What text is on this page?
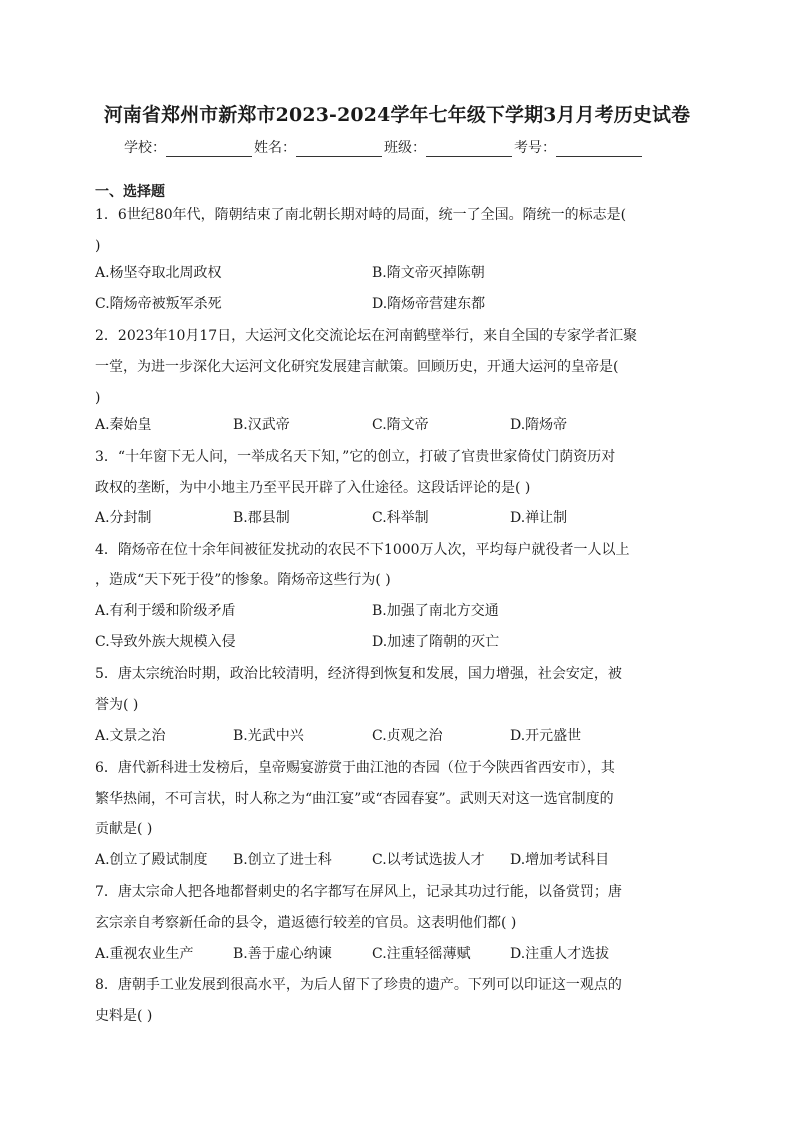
河南省郑州市新郑市2023-2024学年七年级下学期3月月考历史试卷
学校：	姓名：	班级：	考号：
一、选择题
1．6世纪80年代，隋朝结束了南北朝长期对峙的局面，统一了全国。隋统一的标志是(
)
A.杨坚夺取北周政权	B.隋文帝灭掉陈朝
C.隋炀帝被叛军杀死	D.隋炀帝营建东都
2．2023年10月17日，大运河文化交流论坛在河南鹤壁举行，来自全国的专家学者汇聚
一堂，为进一步深化大运河文化研究发展建言献策。回顾历史，开通大运河的皇帝是(
)
A.秦始皇	B.汉武帝	C.隋文帝	D.隋炀帝
3．“十年窗下无人问，一举成名天下知，”它的创立，打破了官贵世家倚仗门荫资历对
政权的垄断，为中小地主乃至平民开辟了入仕途径。这段话评论的是( )
A.分封制	B.郡县制	C.科举制	D.禅让制
4．隋炀帝在位十余年间被征发扰动的农民不下1000万人次，平均每户就役者一人以上
，造成“天下死于役”的惨象。隋炀帝这些行为( )
A.有利于缓和阶级矛盾	B.加强了南北方交通
C.导致外族大规模入侵	D.加速了隋朝的灭亡
5．唐太宗统治时期，政治比较清明，经济得到恢复和发展，国力增强，社会安定，被
誉为( )
A.文景之治	B.光武中兴	C.贞观之治	D.开元盛世
6．唐代新科进士发榜后，皇帝赐宴游赏于曲江池的杏园（位于今陕西省西安市），其
繁华热闹，不可言状，时人称之为“曲江宴”或“杏园春宴”。武则天对这一选官制度的
贡献是( )
A.创立了殿试制度 B.创立了进士科	C.以考试选拔人才 D.增加考试科目
7．唐太宗命人把各地都督刺史的名字都写在屏风上，记录其功过行能，以备赏罚；唐
玄宗亲自考察新任命的县令，遣返德行较差的官员。这表明他们都( )
A.重视农业生产	B.善于虚心纳谏	C.注重轻徭薄赋	D.注重人才选拔
8．唐朝手工业发展到很高水平，为后人留下了珍贵的遗产。下列可以印证这一观点的
史料是( )
